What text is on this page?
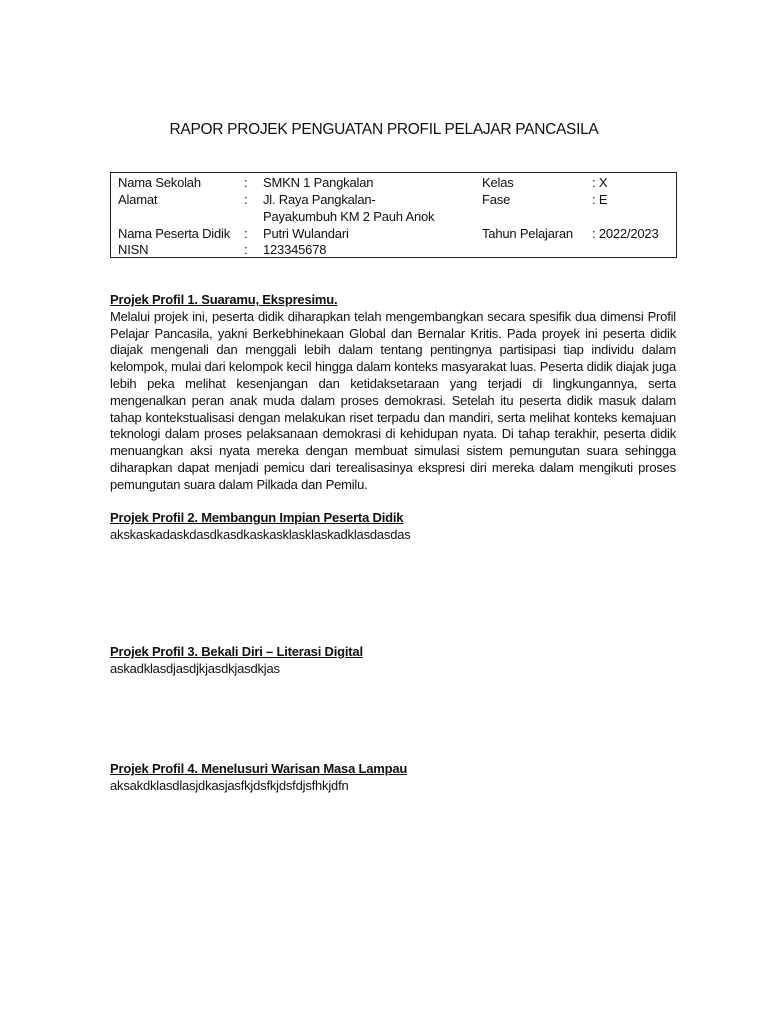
RAPOR PROJEK PENGUATAN PROFIL PELAJAR PANCASILA
Nama Sekolah	: SMKN 1 Pangkalan	Kelas	: X
Alamat	: Jl. Raya Pangkalan-	Fase	: E
Payakumbuh KM 2 Pauh Anok
Nama Peserta Didik : Putri Wulandari	Tahun Pelajaran : 2022/2023
NISN	: 123345678
Projek Profil 1. Suaramu, Ekspresimu.
Melalui projek ini, peserta didik diharapkan telah mengembangkan secara spesifik dua dimensi Profil Pelajar Pancasila, yakni Berkebhinekaan Global dan Bernalar Kritis. Pada proyek ini peserta didik diajak mengenali dan menggali lebih dalam tentang pentingnya partisipasi tiap individu dalam kelompok, mulai dari kelompok kecil hingga dalam konteks masyarakat luas. Peserta didik diajak juga lebih peka melihat kesenjangan dan ketidaksetaraan yang terjadi di lingkungannya, serta mengenalkan peran anak muda dalam proses demokrasi. Setelah itu peserta didik masuk dalam tahap kontekstualisasi dengan melakukan riset terpadu dan mandiri, serta melihat konteks kemajuan teknologi dalam proses pelaksanaan demokrasi di kehidupan nyata. Di tahap terakhir, peserta didik menuangkan aksi nyata mereka dengan membuat simulasi sistem pemungutan suara sehingga diharapkan dapat menjadi pemicu dari terealisasinya ekspresi diri mereka dalam mengikuti proses pemungutan suara dalam Pilkada dan Pemilu.
Projek Profil 2. Membangun Impian Peserta Didik
akskaskadaskdasdkasdkaskasklasklaskadklasdasdas
Projek Profil 3. Bekali Diri – Literasi Digital
askadklasdjasdjkjasdkjasdkjas
Projek Profil 4. Menelusuri Warisan Masa Lampau
aksakdklasdlasjdkasjasfkjdsfkjdsfdjsfhkjdfn
